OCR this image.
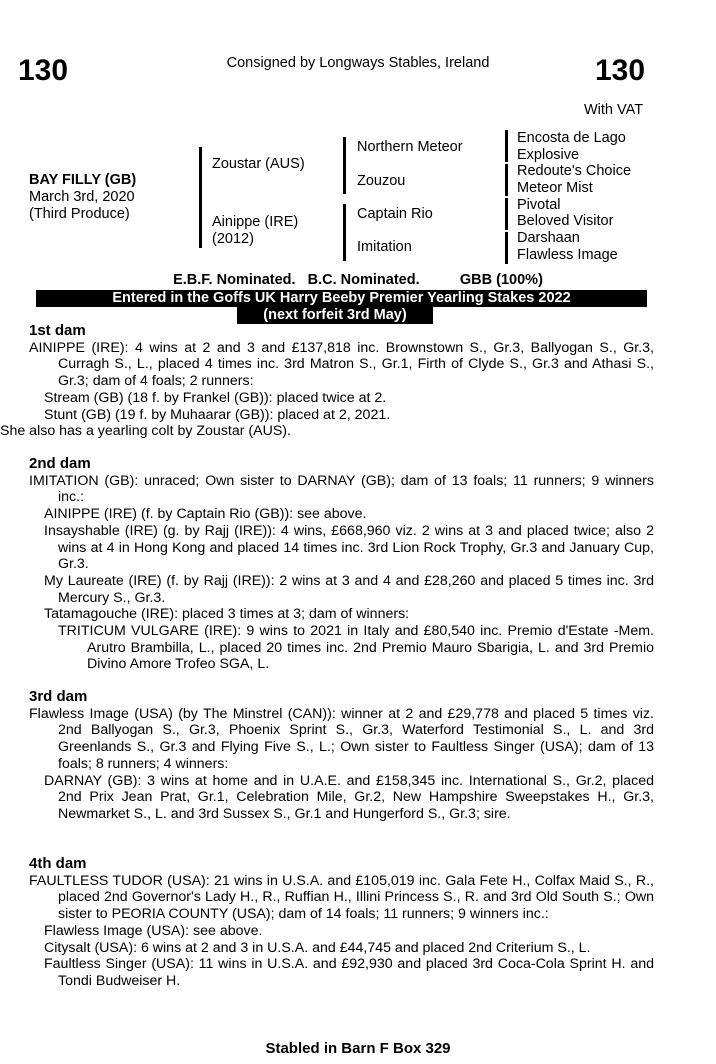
130	Consigned by Longways Stables, Ireland	130
With VAT
BAY FILLY (GB)
March 3rd, 2020
(Third Produce)
Zoustar (AUS)
Ainippe (IRE)
(2012)
Northern Meteor
Zouzou
Captain Rio
Imitation
Encosta de Lago
Explosive
Redoute's Choice
Meteor Mist
Pivotal
Beloved Visitor
Darshaan
Flawless Image
E.B.F. Nominated.   B.C. Nominated.          GBB (100%)
Entered in the Goffs UK Harry Beeby Premier Yearling Stakes 2022
(next forfeit 3rd May)
1st dam
AINIPPE (IRE): 4 wins at 2 and 3 and £137,818 inc. Brownstown S., Gr.3, Ballyogan S., Gr.3, Curragh S., L., placed 4 times inc. 3rd Matron S., Gr.1, Firth of Clyde S., Gr.3 and Athasi S., Gr.3; dam of 4 foals; 2 runners:
Stream (GB) (18 f. by Frankel (GB)): placed twice at 2.
Stunt (GB) (19 f. by Muhaarar (GB)): placed at 2, 2021.
She also has a yearling colt by Zoustar (AUS).
2nd dam
IMITATION (GB): unraced; Own sister to DARNAY (GB); dam of 13 foals; 11 runners; 9 winners inc.:
AINIPPE (IRE) (f. by Captain Rio (GB)): see above.
Insayshable (IRE) (g. by Rajj (IRE)): 4 wins, £668,960 viz. 2 wins at 3 and placed twice; also 2 wins at 4 in Hong Kong and placed 14 times inc. 3rd Lion Rock Trophy, Gr.3 and January Cup, Gr.3.
My Laureate (IRE) (f. by Rajj (IRE)): 2 wins at 3 and 4 and £28,260 and placed 5 times inc. 3rd Mercury S., Gr.3.
Tatamagouche (IRE): placed 3 times at 3; dam of winners:
TRITICUM VULGARE (IRE): 9 wins to 2021 in Italy and £80,540 inc. Premio d'Estate -Mem. Arutro Brambilla, L., placed 20 times inc. 2nd Premio Mauro Sbarigia, L. and 3rd Premio Divino Amore Trofeo SGA, L.
3rd dam
Flawless Image (USA) (by The Minstrel (CAN)): winner at 2 and £29,778 and placed 5 times viz. 2nd Ballyogan S., Gr.3, Phoenix Sprint S., Gr.3, Waterford Testimonial S., L. and 3rd Greenlands S., Gr.3 and Flying Five S., L.; Own sister to Faultless Singer (USA); dam of 13 foals; 8 runners; 4 winners:
DARNAY (GB): 3 wins at home and in U.A.E. and £158,345 inc. International S., Gr.2, placed 2nd Prix Jean Prat, Gr.1, Celebration Mile, Gr.2, New Hampshire Sweepstakes H., Gr.3, Newmarket S., L. and 3rd Sussex S., Gr.1 and Hungerford S., Gr.3; sire.
4th dam
FAULTLESS TUDOR (USA): 21 wins in U.S.A. and £105,019 inc. Gala Fete H., Colfax Maid S., R., placed 2nd Governor's Lady H., R., Ruffian H., Illini Princess S., R. and 3rd Old South S.; Own sister to PEORIA COUNTY (USA); dam of 14 foals; 11 runners; 9 winners inc.:
Flawless Image (USA): see above.
Citysalt (USA): 6 wins at 2 and 3 in U.S.A. and £44,745 and placed 2nd Criterium S., L.
Faultless Singer (USA): 11 wins in U.S.A. and £92,930 and placed 3rd Coca-Cola Sprint H. and Tondi Budweiser H.
Stabled in Barn F Box 329
